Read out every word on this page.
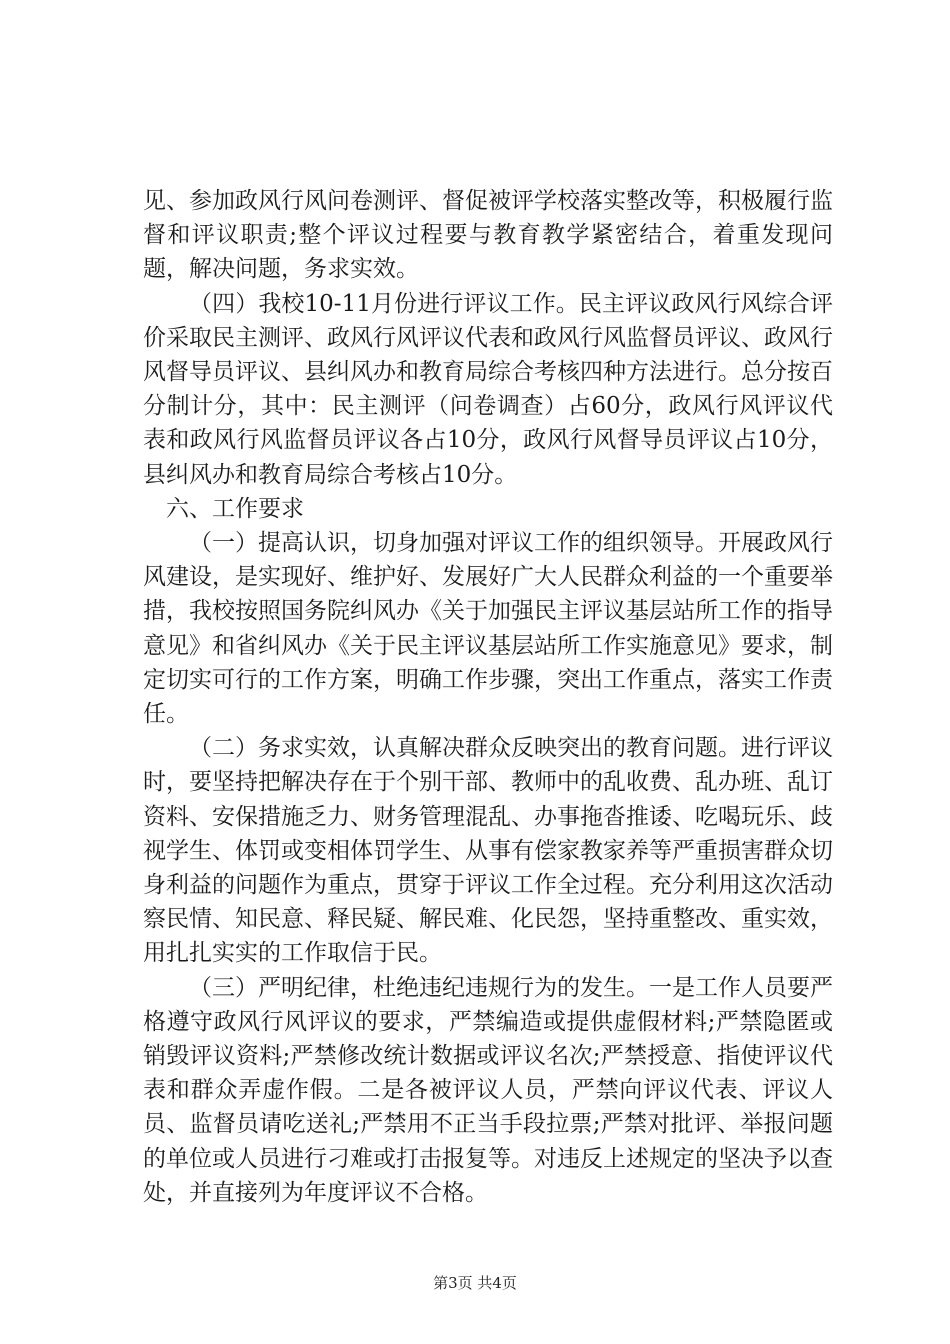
见、参加政风行风问卷测评、督促被评学校落实整改等，积极履行监督和评议职责;整个评议过程要与教育教学紧密结合，着重发现问题，解决问题，务求实效。

（四）我校10-11月份进行评议工作。民主评议政风行风综合评价采取民主测评、政风行风评议代表和政风行风监督员评议、政风行风督导员评议、县纠风办和教育局综合考核四种方法进行。总分按百分制计分，其中：民主测评（问卷调查）占60分，政风行风评议代表和政风行风监督员评议各占10分，政风行风督导员评议占10分，县纠风办和教育局综合考核占10分。

六、工作要求

（一）提高认识，切身加强对评议工作的组织领导。开展政风行风建设，是实现好、维护好、发展好广大人民群众利益的一个重要举措，我校按照国务院纠风办《关于加强民主评议基层站所工作的指导意见》和省纠风办《关于民主评议基层站所工作实施意见》要求，制定切实可行的工作方案，明确工作步骤，突出工作重点，落实工作责任。

（二）务求实效，认真解决群众反映突出的教育问题。进行评议时，要坚持把解决存在于个别干部、教师中的乱收费、乱办班、乱订资料、安保措施乏力、财务管理混乱、办事拖沓推诿、吃喝玩乐、歧视学生、体罚或变相体罚学生、从事有偿家教家养等严重损害群众切身利益的问题作为重点，贯穿于评议工作全过程。充分利用这次活动察民情、知民意、释民疑、解民难、化民怨，坚持重整改、重实效，用扎扎实实的工作取信于民。

（三）严明纪律，杜绝违纪违规行为的发生。一是工作人员要严格遵守政风行风评议的要求，严禁编造或提供虚假材料;严禁隐匿或销毁评议资料;严禁修改统计数据或评议名次;严禁授意、指使评议代表和群众弄虚作假。二是各被评议人员，严禁向评议代表、评议人员、监督员请吃送礼;严禁用不正当手段拉票;严禁对批评、举报问题的单位或人员进行刁难或打击报复等。对违反上述规定的坚决予以查处，并直接列为年度评议不合格。

第3页 共4页
